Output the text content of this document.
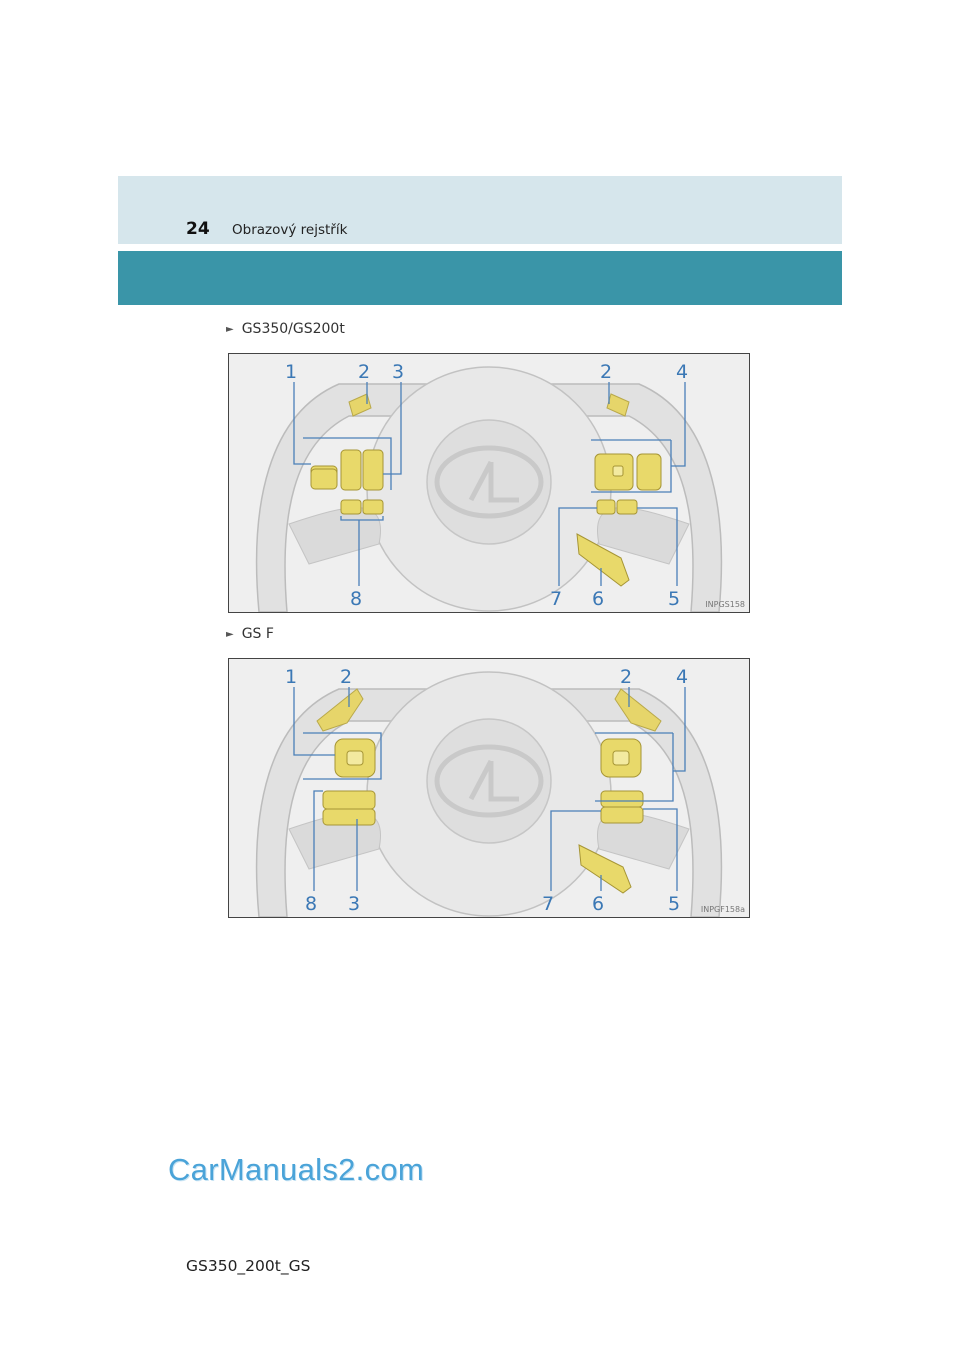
24 Obrazový rejstřík
► GS350/GS200t
1	2 3	2	4
8	7 6	5	INPGS158
► GS F
1 2	2 4
8 3	7 6	5	INPGF158a
CarManuals2.com
GS350_200t_GS
